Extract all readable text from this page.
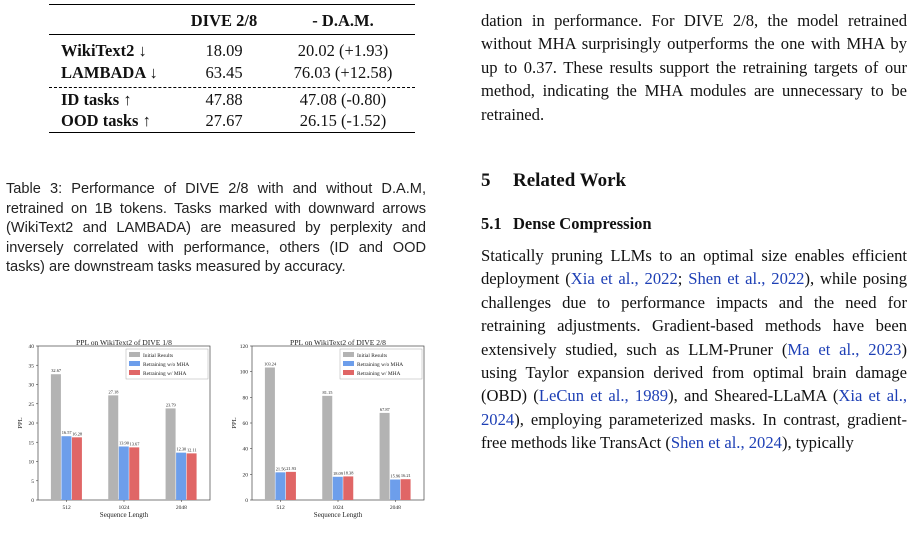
DIVE 2/8	- D.A.M.
WikiText2 ↓	18.09	20.02 (+1.93)
LAMBADA ↓	63.45	76.03 (+12.58)
ID tasks ↑	47.88	47.08 (-0.80)
OOD tasks ↑	27.67	26.15 (-1.52)
Table 3: Performance of DIVE 2/8 with and without D.A.M, retrained on 1B tokens. Tasks marked with downward arrows (WikiText2 and LAMBADA) are measured by perplexity and inversely correlated with performance, others (ID and OOD tasks) are downstream tasks measured by accuracy.
PPL on WikiText2 of DIVE 1/8
0
5
10
15
20
25
30
35
40
PPL
512
32.67
16.57 16.28
1024
27.18
13.90 13.67
2048
23.79
12.30 12.11
Sequence Length
Initial Results
Retraining w/o MHA
Retraining w/ MHA
PPL on WikiText2 of DIVE 2/8
0
20
40
60
80
100
120
PPL
512
103.24
21.56 21.93
1024
81.15
18.09 18.38
2048
67.87
15.96 16.21
Sequence Length
Initial Results
Retraining w/o MHA
Retraining w/ MHA
dation in performance. For DIVE 2/8, the model retrained without MHA surprisingly outperforms the one with MHA by up to 0.37. These results support the retraining targets of our method, indicating the MHA modules are unnecessary to be retrained.
5 Related Work
5.1 Dense Compression
Statically pruning LLMs to an optimal size enables efficient deployment (Xia et al., 2022; Shen et al., 2022), while posing challenges due to performance impacts and the need for retraining adjustments. Gradient-based methods have been extensively studied, such as LLM-Pruner (Ma et al., 2023) using Taylor expansion derived from optimal brain damage (OBD) (LeCun et al., 1989), and Sheared-LLaMA (Xia et al., 2024), employing parameterized masks. In contrast, gradient-free methods like TransAct (Shen et al., 2024), typically
